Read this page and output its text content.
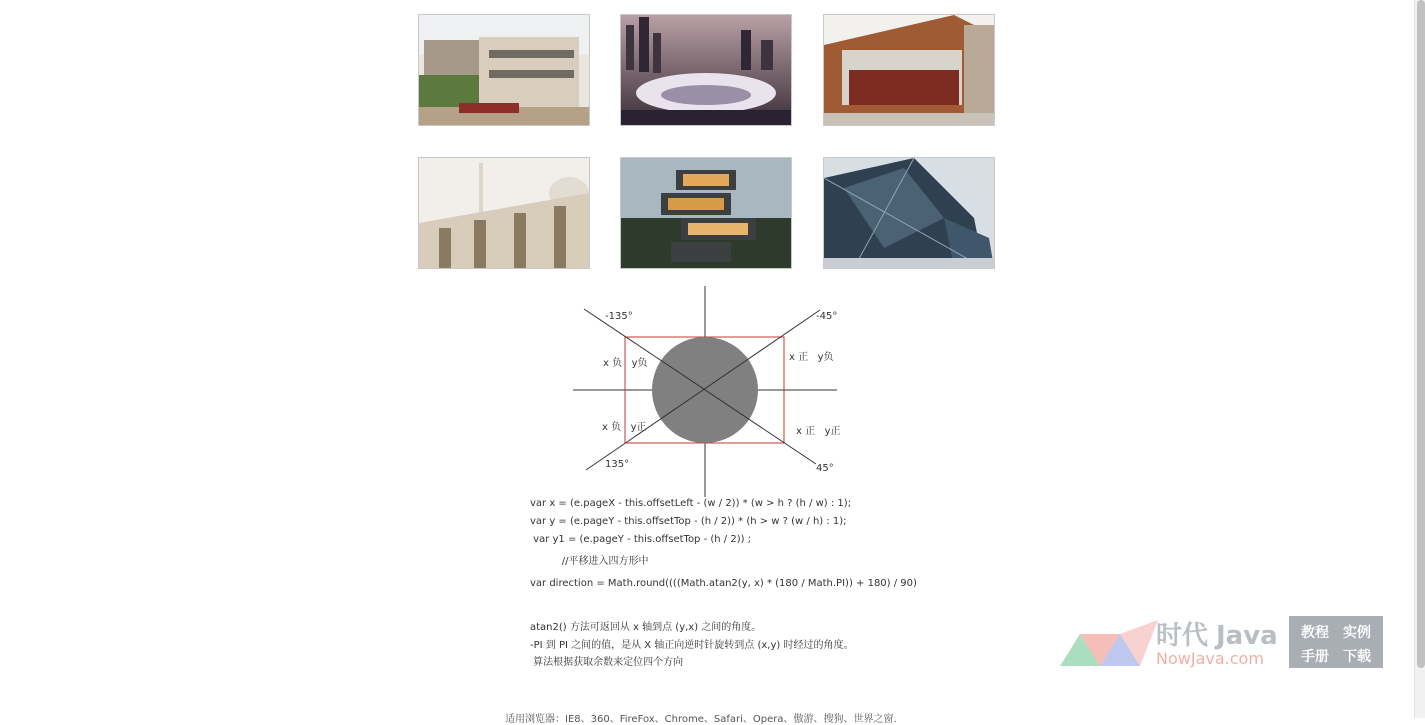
-135°	-45°
135°	45°
x 负   y负
x 正   y负
x 负   y正	x 正   y正
var x = (e.pageX - this.offsetLeft - (w / 2)) * (w > h ? (h / w) : 1);
var y = (e.pageY - this.offsetTop - (h / 2)) * (h > w ? (w / h) : 1);
var y1 = (e.pageY - this.offsetTop - (h / 2)) ;
//平移进入四方形中
var direction = Math.round((((Math.atan2(y, x) * (180 / Math.PI)) + 180) / 90)
atan2() 方法可返回从 x 轴到点 (y,x) 之间的角度。
-PI 到 PI 之间的值，是从 X 轴正向逆时针旋转到点 (x,y) 时经过的角度。
算法根据获取余数来定位四个方向
适用浏览器：IE8、360、FireFox、Chrome、Safari、Opera、傲游、搜狗、世界之窗.
时代 Java
NowJava.com
教程 实例
手册 下载
